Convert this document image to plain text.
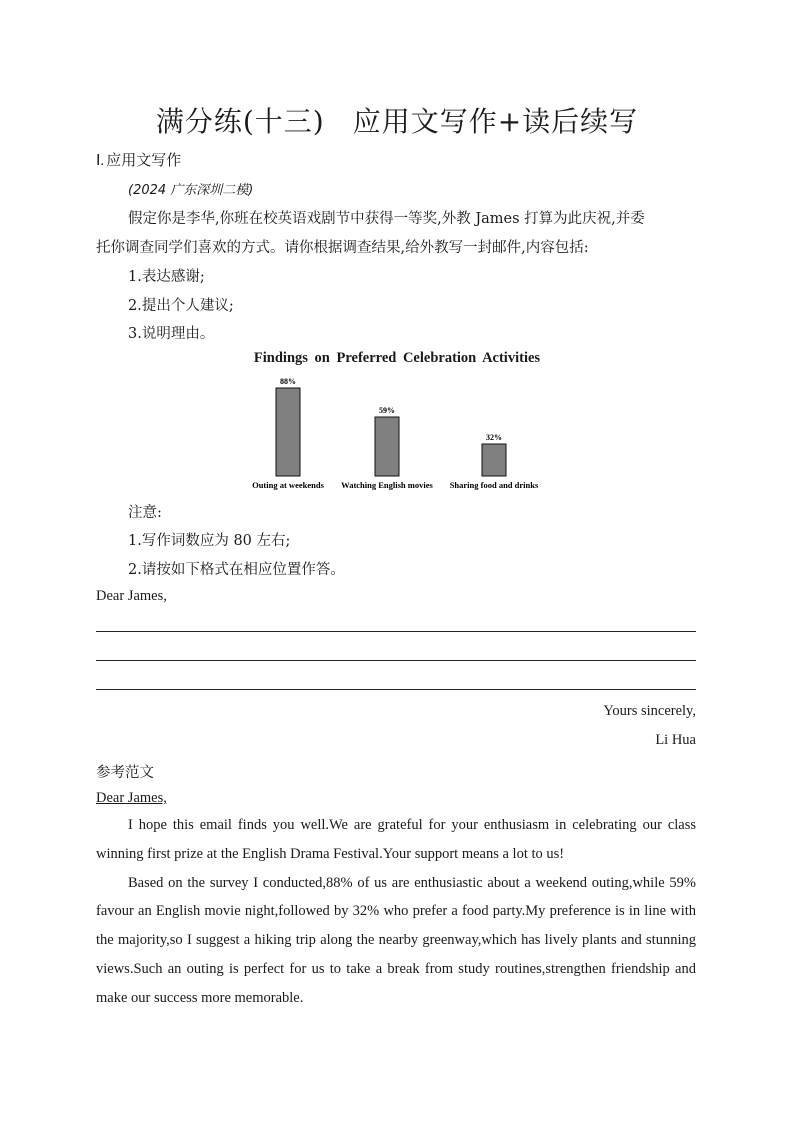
满分练(十三) 应用文写作+读后续写
Ⅰ. 应用文写作
(2024 广东深圳二模)
假定你是李华,你班在校英语戏剧节中获得一等奖,外教 James 打算为此庆祝,并委
托你调查同学们喜欢的方式。请你根据调查结果,给外教写一封邮件,内容包括:
1.表达感谢;
2.提出个人建议;
3.说明理由。
Findings on Preferred Celebration Activities
88%
Outing at weekends
59%
Watching English movies
32%
Sharing food and drinks
注意:
1.写作词数应为 80 左右;
2.请按如下格式在相应位置作答。
Dear James,
Yours sincerely,
Li Hua
参考范文
Dear James,

I hope this email finds you well.We are grateful for your enthusiasm in celebrating our class winning first prize at the English Drama Festival.Your support means a lot to us!

Based on the survey I conducted,88% of us are enthusiastic about a weekend outing,while 59% favour an English movie night,followed by 32% who prefer a food party.My preference is in line with the majority,so I suggest a hiking trip along the nearby greenway,which has lively plants and stunning views.Such an outing is perfect for us to take a break from study routines,strengthen friendship and make our success more memorable.
